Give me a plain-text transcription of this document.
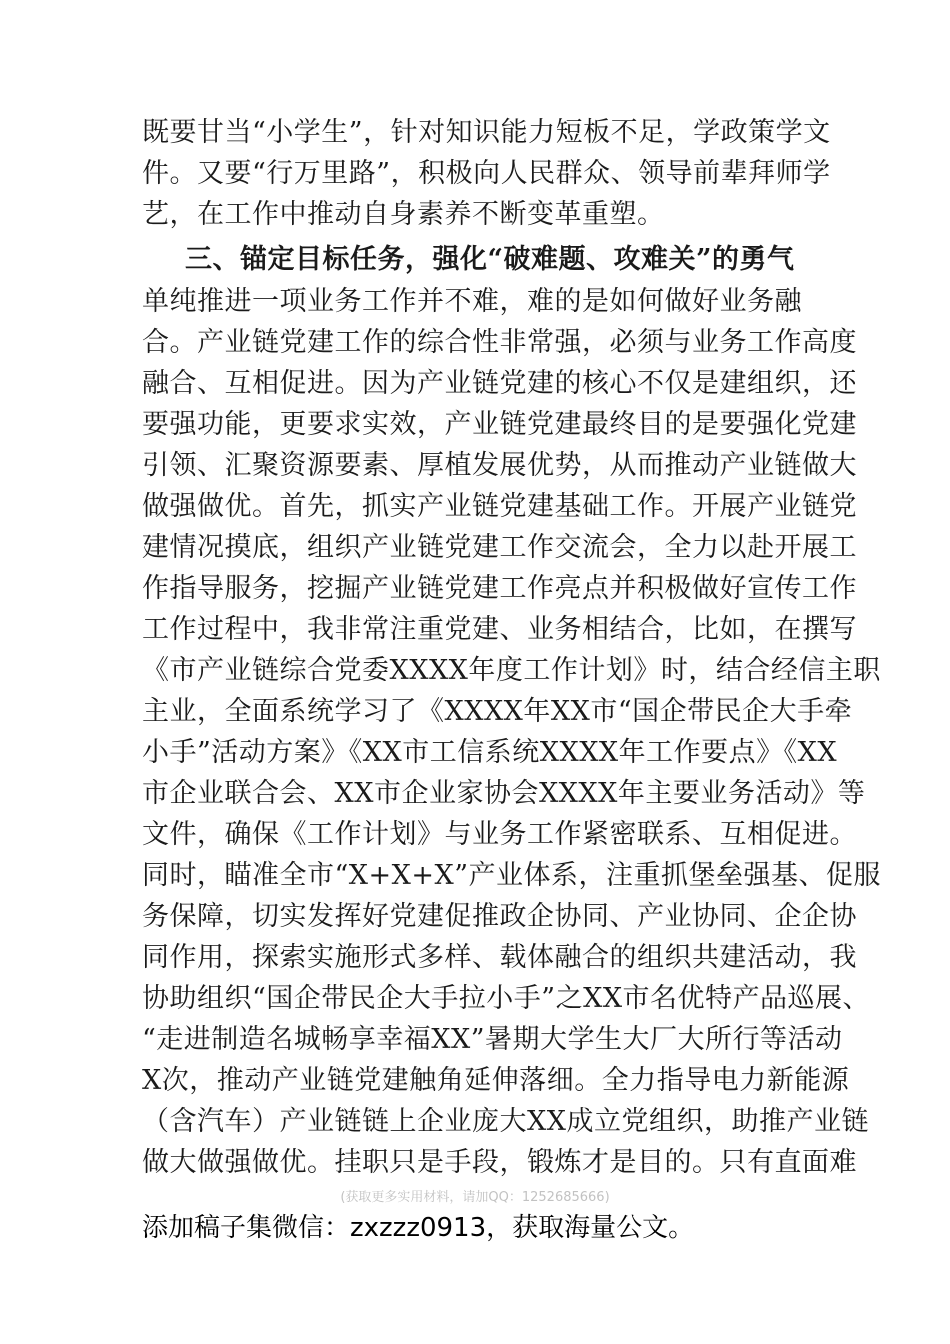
既要甘当“小学生”，针对知识能力短板不足，学政策学文
件。又要“行万里路”，积极向人民群众、领导前辈拜师学
艺，在工作中推动自身素养不断变革重塑。
三、锚定目标任务，强化“破难题、攻难关”的勇气
单纯推进一项业务工作并不难，难的是如何做好业务融
合。产业链党建工作的综合性非常强，必须与业务工作高度
融合、互相促进。因为产业链党建的核心不仅是建组织，还
要强功能，更要求实效，产业链党建最终目的是要强化党建
引领、汇聚资源要素、厚植发展优势，从而推动产业链做大
做强做优。首先，抓实产业链党建基础工作。开展产业链党
建情况摸底，组织产业链党建工作交流会，全力以赴开展工
作指导服务，挖掘产业链党建工作亮点并积极做好宣传工作
工作过程中，我非常注重党建、业务相结合，比如，在撰写
《市产业链综合党委XXXX年度工作计划》时，结合经信主职
主业，全面系统学习了《XXXX年XX市“国企带民企大手牵
小手”活动方案》《XX市工信系统XXXX年工作要点》《XX
市企业联合会、XX市企业家协会XXXX年主要业务活动》等
文件，确保《工作计划》与业务工作紧密联系、互相促进。
同时，瞄准全市“X+X+X”产业体系，注重抓堡垒强基、促服
务保障，切实发挥好党建促推政企协同、产业协同、企企协
同作用，探索实施形式多样、载体融合的组织共建活动，我
协助组织“国企带民企大手拉小手”之XX市名优特产品巡展、
“走进制造名城畅享幸福XX”暑期大学生大厂大所行等活动
X次，推动产业链党建触角延伸落细。全力指导电力新能源
（含汽车）产业链链上企业庞大XX成立党组织，助推产业链
做大做强做优。挂职只是手段，锻炼才是目的。只有直面难
(获取更多实用材料，请加QQ：1252685666)
添加稿子集微信：zxzzz0913，获取海量公文。
